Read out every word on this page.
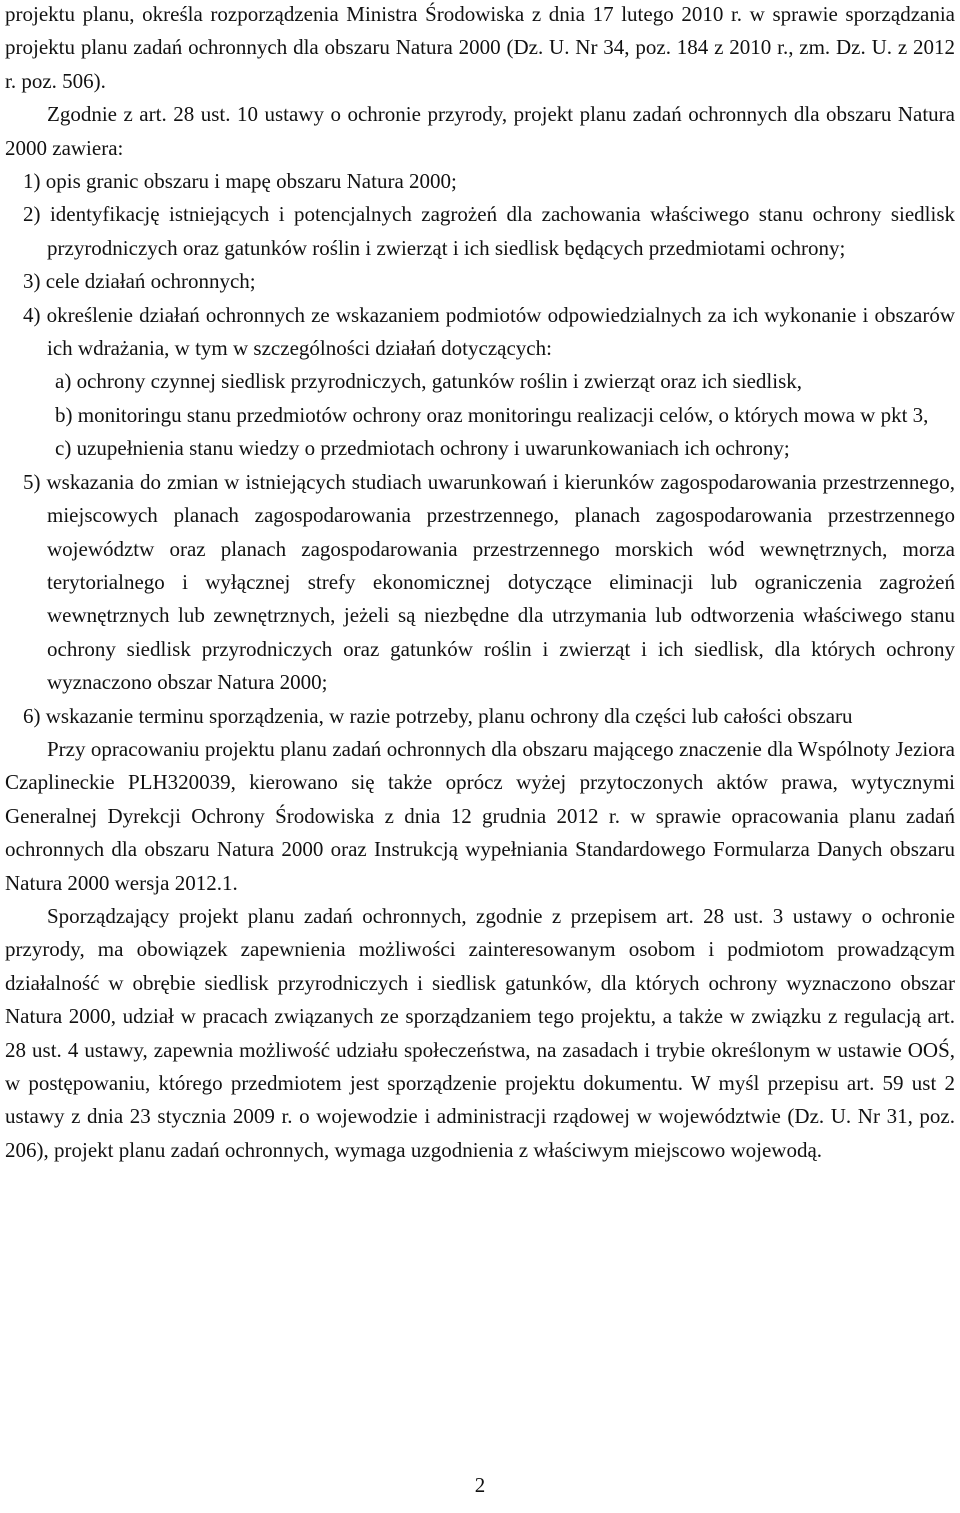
projektu planu, określa rozporządzenia Ministra Środowiska z dnia 17 lutego 2010 r. w sprawie sporządzania projektu planu zadań ochronnych dla obszaru Natura 2000 (Dz. U. Nr 34, poz. 184 z 2010 r., zm. Dz. U. z 2012 r. poz. 506).

Zgodnie z art. 28 ust. 10 ustawy o ochronie przyrody, projekt planu zadań ochronnych dla obszaru Natura 2000 zawiera:

1) opis granic obszaru i mapę obszaru Natura 2000;

2) identyfikację istniejących i potencjalnych zagrożeń dla zachowania właściwego stanu ochrony siedlisk przyrodniczych oraz gatunków roślin i zwierząt i ich siedlisk będących przedmiotami ochrony;

3) cele działań ochronnych;

4) określenie działań ochronnych ze wskazaniem podmiotów odpowiedzialnych za ich wykonanie i obszarów ich wdrażania, w tym w szczególności działań dotyczących:

a) ochrony czynnej siedlisk przyrodniczych, gatunków roślin i zwierząt oraz ich siedlisk,

b) monitoringu stanu przedmiotów ochrony oraz monitoringu realizacji celów, o których mowa w pkt 3,

c) uzupełnienia stanu wiedzy o przedmiotach ochrony i uwarunkowaniach ich ochrony;

5) wskazania do zmian w istniejących studiach uwarunkowań i kierunków zagospodarowania przestrzennego, miejscowych planach zagospodarowania przestrzennego, planach zagospodarowania przestrzennego województw oraz planach zagospodarowania przestrzennego morskich wód wewnętrznych, morza terytorialnego i wyłącznej strefy ekonomicznej dotyczące eliminacji lub ograniczenia zagrożeń wewnętrznych lub zewnętrznych, jeżeli są niezbędne dla utrzymania lub odtworzenia właściwego stanu ochrony siedlisk przyrodniczych oraz gatunków roślin i zwierząt i ich siedlisk, dla których ochrony wyznaczono obszar Natura 2000;

6) wskazanie terminu sporządzenia, w razie potrzeby, planu ochrony dla części lub całości obszaru

Przy opracowaniu projektu planu zadań ochronnych dla obszaru mającego znaczenie dla Wspólnoty Jeziora Czaplineckie PLH320039, kierowano się także oprócz wyżej przytoczonych aktów prawa, wytycznymi Generalnej Dyrekcji Ochrony Środowiska z dnia 12 grudnia 2012 r. w sprawie opracowania planu zadań ochronnych dla obszaru Natura 2000 oraz Instrukcją wypełniania Standardowego Formularza Danych obszaru Natura 2000 wersja 2012.1.

Sporządzający projekt planu zadań ochronnych, zgodnie z przepisem art. 28 ust. 3 ustawy o ochronie przyrody, ma obowiązek zapewnienia możliwości zainteresowanym osobom i podmiotom prowadzącym działalność w obrębie siedlisk przyrodniczych i siedlisk gatunków, dla których ochrony wyznaczono obszar Natura 2000, udział w pracach związanych ze sporządzaniem tego projektu, a także w związku z regulacją art. 28 ust. 4 ustawy, zapewnia możliwość udziału społeczeństwa, na zasadach i trybie określonym w ustawie OOŚ, w postępowaniu, którego przedmiotem jest sporządzenie projektu dokumentu. W myśl przepisu art. 59 ust 2 ustawy z dnia 23 stycznia 2009 r. o wojewodzie i administracji rządowej w województwie (Dz. U. Nr 31, poz. 206), projekt planu zadań ochronnych, wymaga uzgodnienia z właściwym miejscowo wojewodą.

2
